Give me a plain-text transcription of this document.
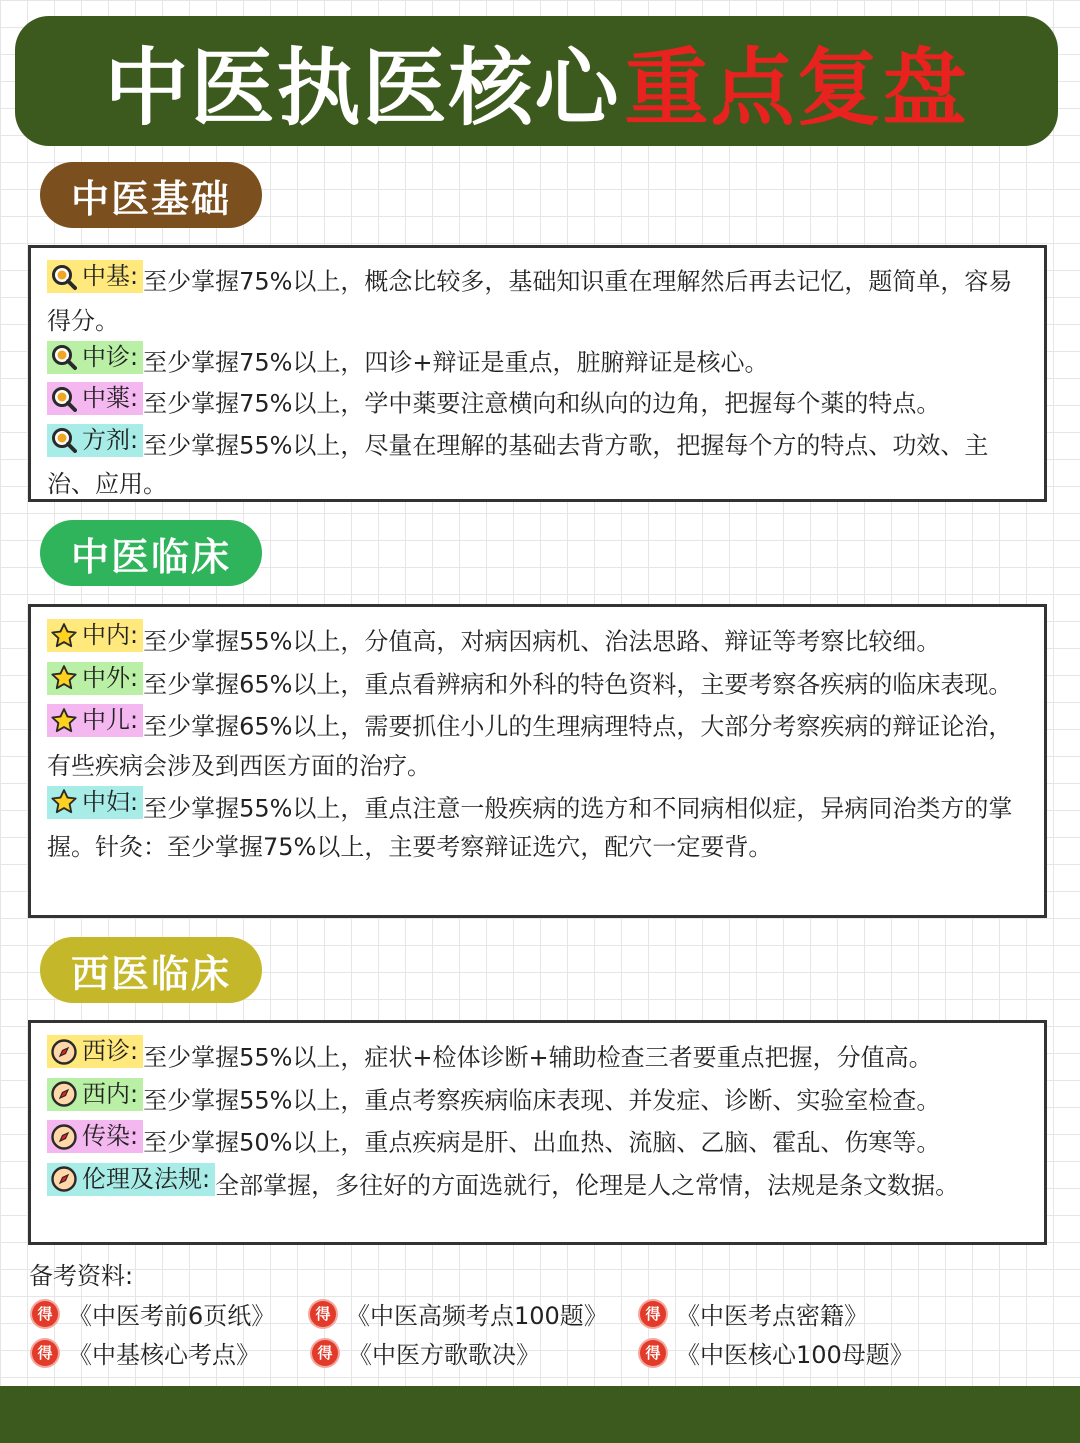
中医执医核心 重点复盘
中医基础
中基: 至少掌握75%以上，概念比较多，基础知识重在理解然后再去记忆，题简单，容易得分。
中诊: 至少掌握75%以上，四诊+辩证是重点，脏腑辩证是核心。
中薬: 至少掌握75%以上，学中薬要注意横向和纵向的边角，把握每个薬的特点。
方剂: 至少掌握55%以上，尽量在理解的基础去背方歌，把握每个方的特点、功效、主治、应用。
中医临床
中内: 至少掌握55%以上，分值高，对病因病机、治法思路、辩证等考察比较细。
中外: 至少掌握65%以上，重点看辨病和外科的特色资料，主要考察各疾病的临床表现。
中儿: 至少掌握65%以上，需要抓住小儿的生理病理特点，大部分考察疾病的辩证论治，有些疾病会涉及到西医方面的治疗。
中妇: 至少掌握55%以上，重点注意一般疾病的选方和不同病相似症，异病同治类方的掌握。针灸：至少掌握75%以上，主要考察辩证选穴，配穴一定要背。
西医临床
西诊: 至少掌握55%以上，症状+检体诊断+辅助检查三者要重点把握，分值高。
西内: 至少掌握55%以上，重点考察疾病临床表现、并发症、诊断、实验室检查。
传染: 至少掌握50%以上，重点疾病是肝、出血热、流脑、乙脑、霍乱、伤寒等。
伦理及法规: 全部掌握，多往好的方面选就行，伦理是人之常情，法规是条文数据。
备考资料:
得 《中医考前6页纸》	得 《中医高频考点100题》	得 《中医考点密籍》
得 《中基核心考点》	得 《中医方歌歌决》	得 《中医核心100母题》
